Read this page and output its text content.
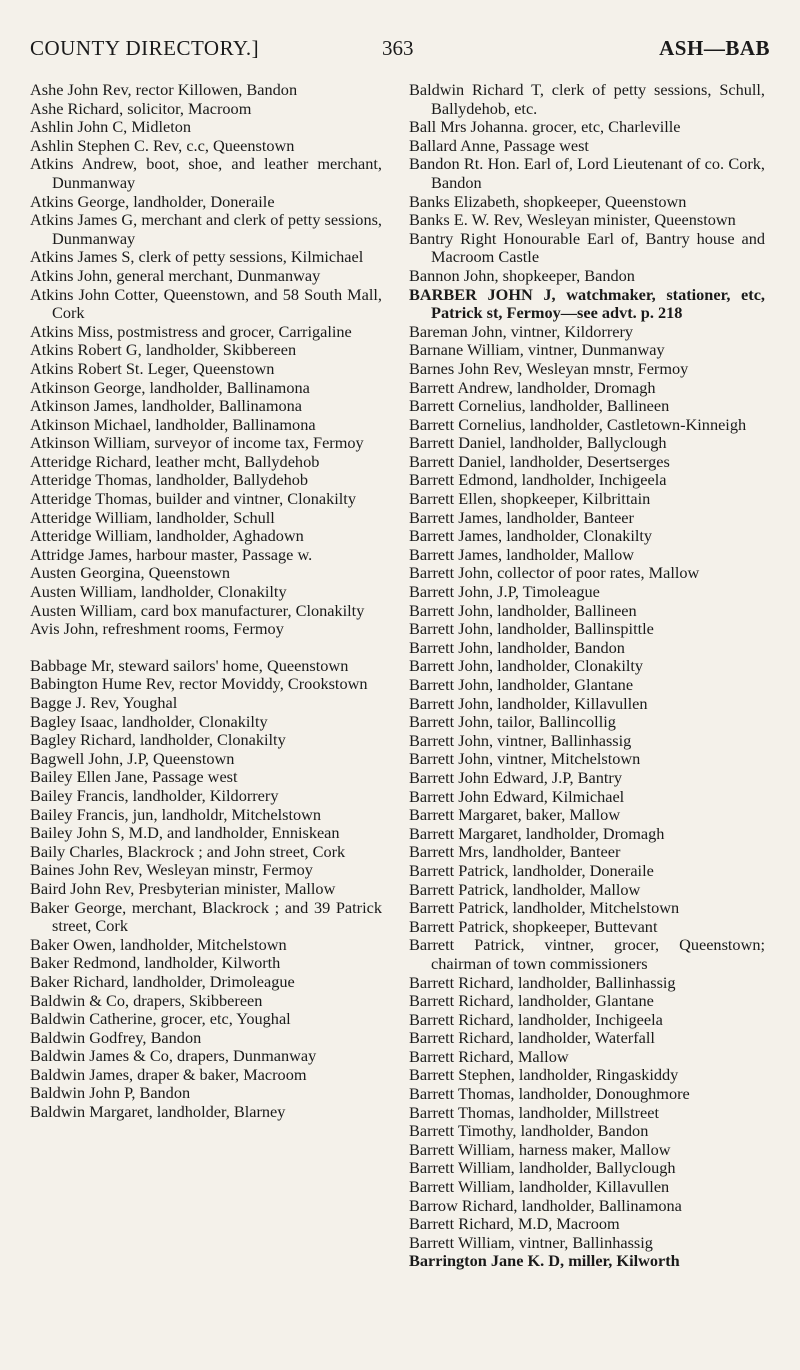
COUNTY DIRECTORY.]	363	ASH—BAB

Ashe John Rev, rector Killowen, Bandon

Ashe Richard, solicitor, Macroom

Ashlin John C, Midleton

Ashlin Stephen C. Rev, c.c, Queenstown

Atkins Andrew, boot, shoe, and leather merchant, Dunmanway

Atkins George, landholder, Doneraile

Atkins James G, merchant and clerk of petty sessions, Dunmanway

Atkins James S, clerk of petty sessions, Kilmichael

Atkins John, general merchant, Dunmanway

Atkins John Cotter, Queenstown, and 58 South Mall, Cork

Atkins Miss, postmistress and grocer, Carrigaline

Atkins Robert G, landholder, Skibbereen

Atkins Robert St. Leger, Queenstown

Atkinson George, landholder, Ballinamona

Atkinson James, landholder, Ballinamona

Atkinson Michael, landholder, Ballinamona

Atkinson William, surveyor of income tax, Fermoy

Atteridge Richard, leather mcht, Ballydehob

Atteridge Thomas, landholder, Ballydehob

Atteridge Thomas, builder and vintner, Clonakilty

Atteridge William, landholder, Schull

Atteridge William, landholder, Aghadown

Attridge James, harbour master, Passage w.

Austen Georgina, Queenstown

Austen William, landholder, Clonakilty

Austen William, card box manufacturer, Clonakilty

Avis John, refreshment rooms, Fermoy

Babbage Mr, steward sailors' home, Queenstown

Babington Hume Rev, rector Moviddy, Crookstown

Bagge J. Rev, Youghal

Bagley Isaac, landholder, Clonakilty

Bagley Richard, landholder, Clonakilty

Bagwell John, J.P, Queenstown

Bailey Ellen Jane, Passage west

Bailey Francis, landholder, Kildorrery

Bailey Francis, jun, landholdr, Mitchelstown

Bailey John S, M.D, and landholder, Enniskean

Baily Charles, Blackrock ; and John street, Cork

Baines John Rev, Wesleyan minstr, Fermoy

Baird John Rev, Presbyterian minister, Mallow

Baker George, merchant, Blackrock ; and 39 Patrick street, Cork

Baker Owen, landholder, Mitchelstown

Baker Redmond, landholder, Kilworth

Baker Richard, landholder, Drimoleague

Baldwin & Co, drapers, Skibbereen

Baldwin Catherine, grocer, etc, Youghal

Baldwin Godfrey, Bandon

Baldwin James & Co, drapers, Dunmanway

Baldwin James, draper & baker, Macroom

Baldwin John P, Bandon

Baldwin Margaret, landholder, Blarney

Baldwin Richard T, clerk of petty sessions, Schull, Ballydehob, etc.

Ball Mrs Johanna. grocer, etc, Charleville

Ballard Anne, Passage west

Bandon Rt. Hon. Earl of, Lord Lieutenant of co. Cork, Bandon

Banks Elizabeth, shopkeeper, Queenstown

Banks E. W. Rev, Wesleyan minister, Queenstown

Bantry Right Honourable Earl of, Bantry house and Macroom Castle

Bannon John, shopkeeper, Bandon

BARBER JOHN J, watchmaker, stationer, etc, Patrick st, Fermoy—see advt. p. 218

Bareman John, vintner, Kildorrery

Barnane William, vintner, Dunmanway

Barnes John Rev, Wesleyan mnstr, Fermoy

Barrett Andrew, landholder, Dromagh

Barrett Cornelius, landholder, Ballineen

Barrett Cornelius, landholder, Castletown-Kinneigh

Barrett Daniel, landholder, Ballyclough

Barrett Daniel, landholder, Desertserges

Barrett Edmond, landholder, Inchigeela

Barrett Ellen, shopkeeper, Kilbrittain

Barrett James, landholder, Banteer

Barrett James, landholder, Clonakilty

Barrett James, landholder, Mallow

Barrett John, collector of poor rates, Mallow

Barrett John, J.P, Timoleague

Barrett John, landholder, Ballineen

Barrett John, landholder, Ballinspittle

Barrett John, landholder, Bandon

Barrett John, landholder, Clonakilty

Barrett John, landholder, Glantane

Barrett John, landholder, Killavullen

Barrett John, tailor, Ballincollig

Barrett John, vintner, Ballinhassig

Barrett John, vintner, Mitchelstown

Barrett John Edward, J.P, Bantry

Barrett John Edward, Kilmichael

Barrett Margaret, baker, Mallow

Barrett Margaret, landholder, Dromagh

Barrett Mrs, landholder, Banteer

Barrett Patrick, landholder, Doneraile

Barrett Patrick, landholder, Mallow

Barrett Patrick, landholder, Mitchelstown

Barrett Patrick, shopkeeper, Buttevant

Barrett Patrick, vintner, grocer, Queenstown; chairman of town commissioners

Barrett Richard, landholder, Ballinhassig

Barrett Richard, landholder, Glantane

Barrett Richard, landholder, Inchigeela

Barrett Richard, landholder, Waterfall

Barrett Richard, Mallow

Barrett Stephen, landholder, Ringaskiddy

Barrett Thomas, landholder, Donoughmore

Barrett Thomas, landholder, Millstreet

Barrett Timothy, landholder, Bandon

Barrett William, harness maker, Mallow

Barrett William, landholder, Ballyclough

Barrett William, landholder, Killavullen

Barrow Richard, landholder, Ballinamona

Barrett Richard, M.D, Macroom

Barrett William, vintner, Ballinhassig

Barrington Jane K. D, miller, Kilworth
